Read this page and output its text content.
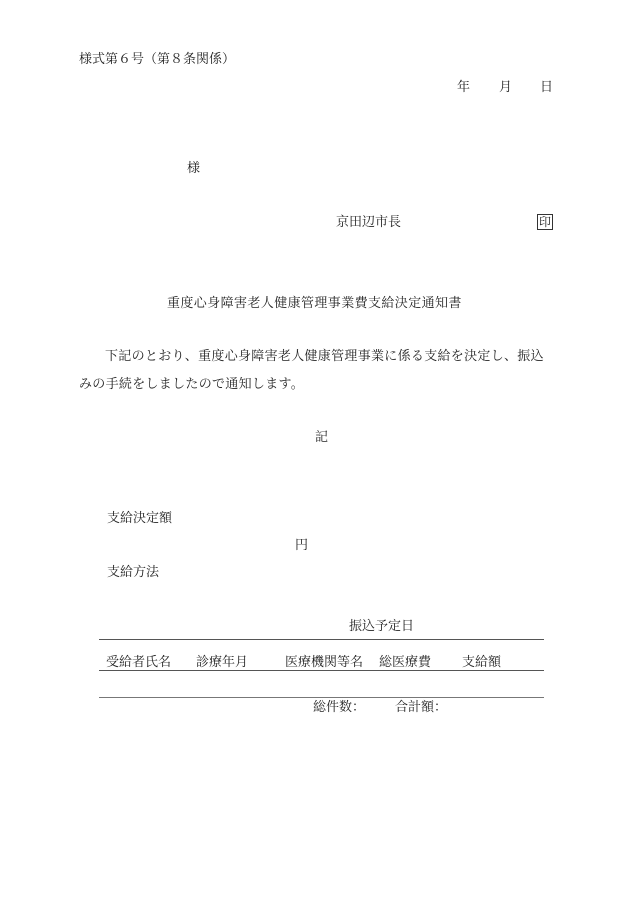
様式第６号（第８条関係）
年 月 日
様
京田辺市長	印
重度心身障害老人健康管理事業費支給決定通知書
下記のとおり、重度心身障害老人健康管理事業に係る支給を決定し、振込みの手続をしましたので通知します。
記
支給決定額
円
支給方法
振込予定日
受給者氏名 診療年月	医療機関等名 総医療費 支給額
総件数： 合計額：
